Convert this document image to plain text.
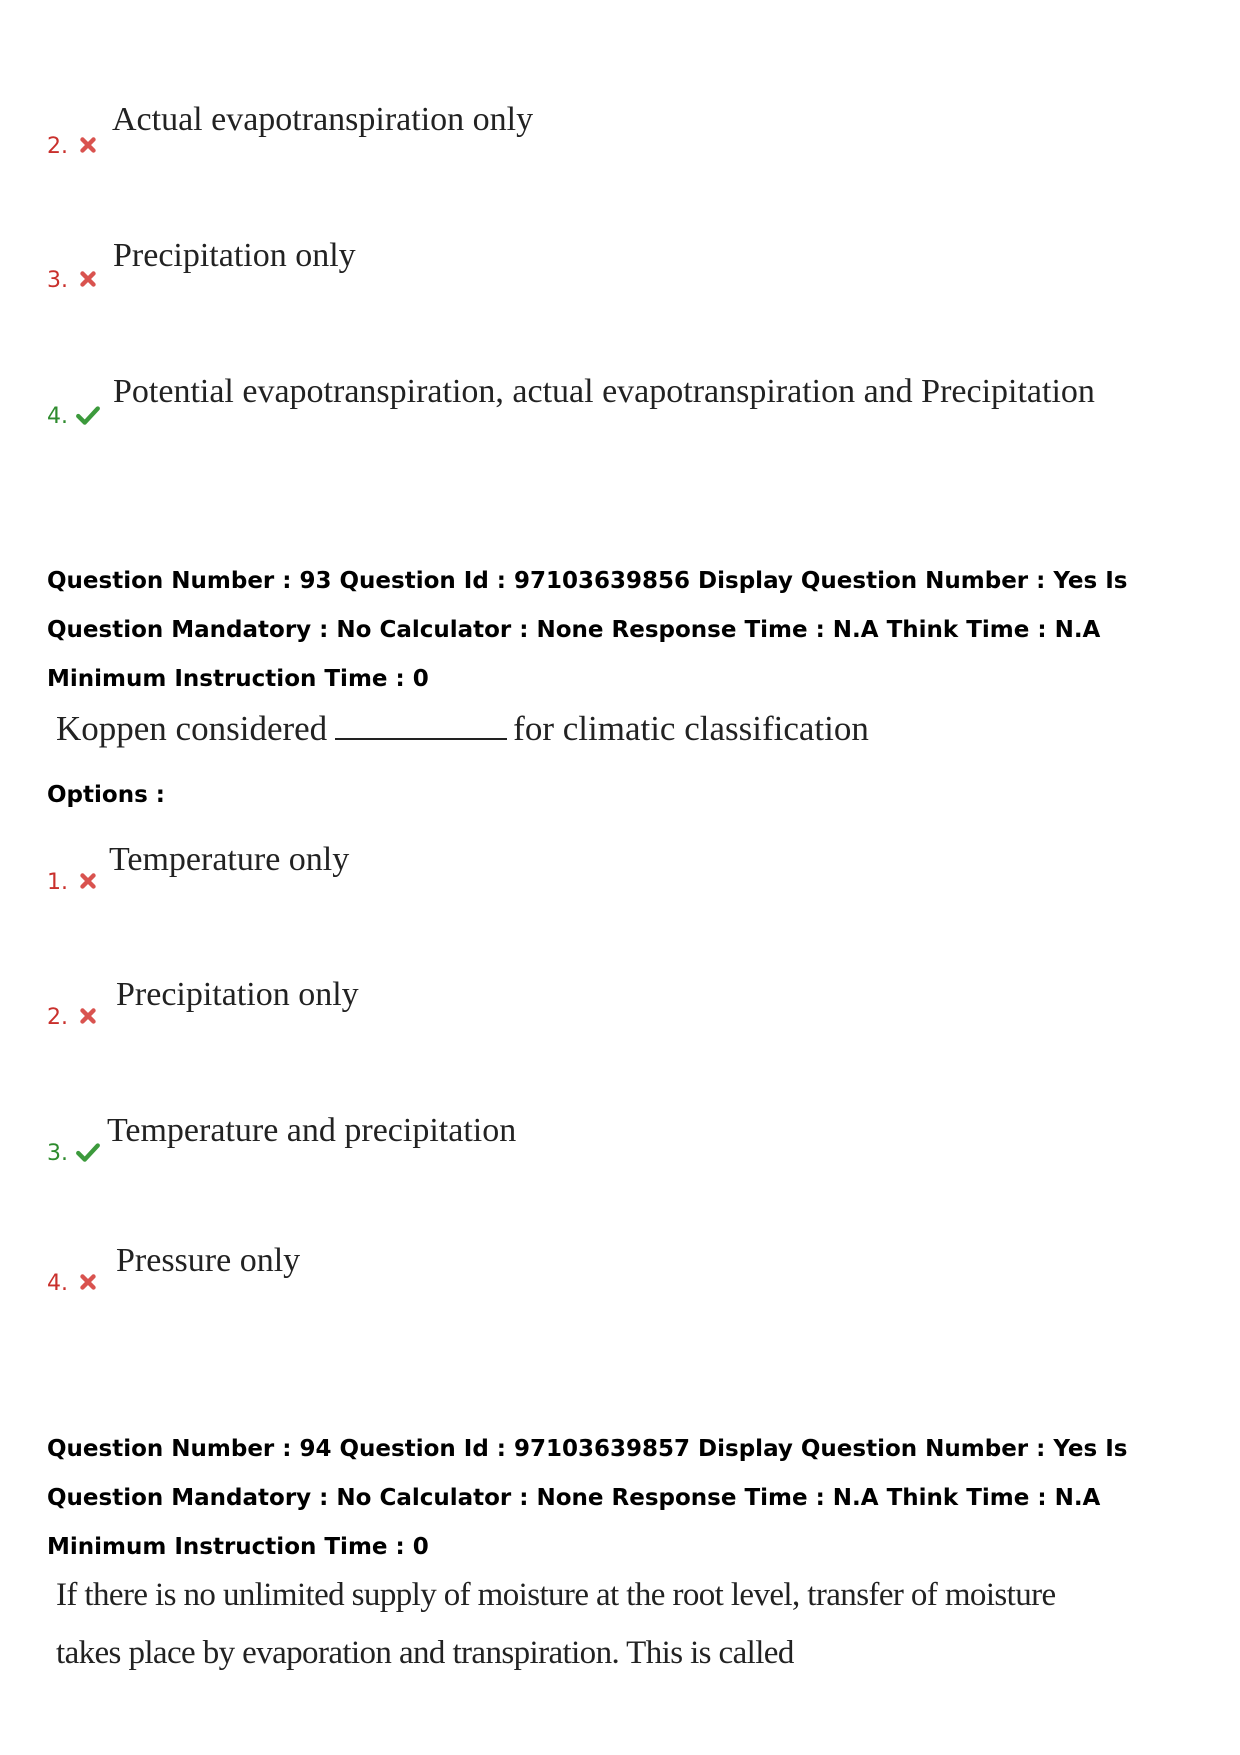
2.
Actual evapotranspiration only
3.
Precipitation only
4.
Potential evapotranspiration, actual evapotranspiration and Precipitation
Question Number : 93 Question Id : 97103639856 Display Question Number : Yes Is Question Mandatory : No Calculator : None Response Time : N.A Think Time : N.A Minimum Instruction Time : 0
Koppen considered	for climatic classification
Options :
1.
Temperature only
2.
Precipitation only
3.
Temperature and precipitation
4.
Pressure only
Question Number : 94 Question Id : 97103639857 Display Question Number : Yes Is Question Mandatory : No Calculator : None Response Time : N.A Think Time : N.A Minimum Instruction Time : 0
If there is no unlimited supply of moisture at the root level, transfer of moisture
takes place by evaporation and transpiration. This is called
